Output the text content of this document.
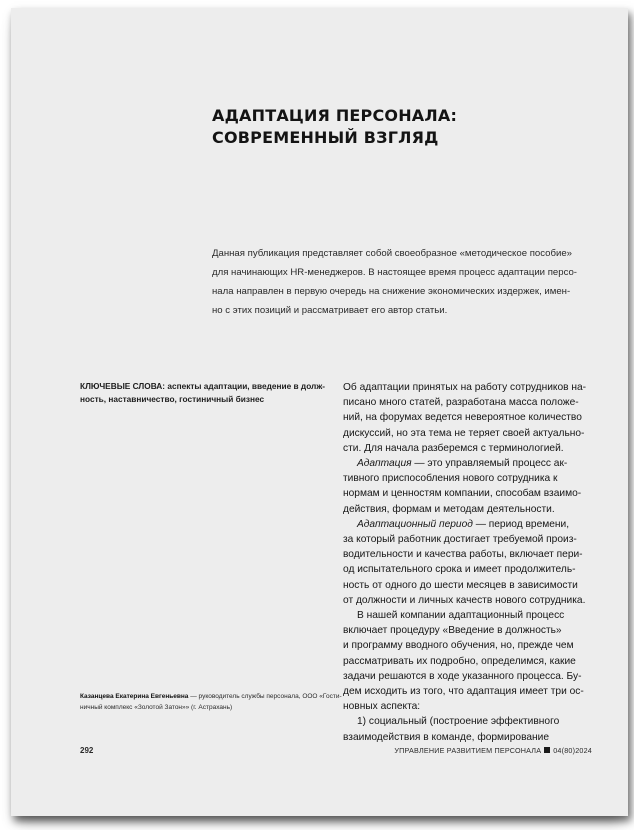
АДАПТАЦИЯ ПЕРСОНАЛА:
СОВРЕМЕННЫЙ ВЗГЛЯД
Данная публикация представляет собой своеобразное «методическое пособие»
для начинающих HR-менеджеров. В настоящее время процесс адаптации персо-
нала направлен в первую очередь на снижение экономических издержек, имен-
но с этих позиций и рассматривает его автор статьи.
КЛЮЧЕВЫЕ СЛОВА: аспекты адаптации, введение в долж-
ность, наставничество, гостиничный бизнес
Казанцева Екатерина Евгеньевна — руководитель службы персонала, ООО «Гости-
ничный комплекс «Золотой Затон»» (г. Астрахань)
Об адаптации принятых на работу сотрудников на-
писано много статей, разработана масса положе-
ний, на форумах ведется невероятное количество
дискуссий, но эта тема не теряет своей актуально-
сти. Для начала разберемся с терминологией.
Адаптация — это управляемый процесс ак-
тивного приспособления нового сотрудника к
нормам и ценностям компании, способам взаимо-
действия, формам и методам деятельности.
Адаптационный период — период времени,
за который работник достигает требуемой произ-
водительности и качества работы, включает пери-
од испытательного срока и имеет продолжитель-
ность от одного до шести месяцев в зависимости
от должности и личных качеств нового сотрудника.
В нашей компании адаптационный процесс
включает процедуру «Введение в должность»
и программу вводного обучения, но, прежде чем
рассматривать их подробно, определимся, какие
задачи решаются в ходе указанного процесса. Бу-
дем исходить из того, что адаптация имеет три ос-
новных аспекта:
1) социальный (построение эффективного
взаимодействия в команде, формирование
292	УПРАВЛЕНИЕ РАЗВИТИЕМ ПЕРСОНАЛА 04(80)2024
